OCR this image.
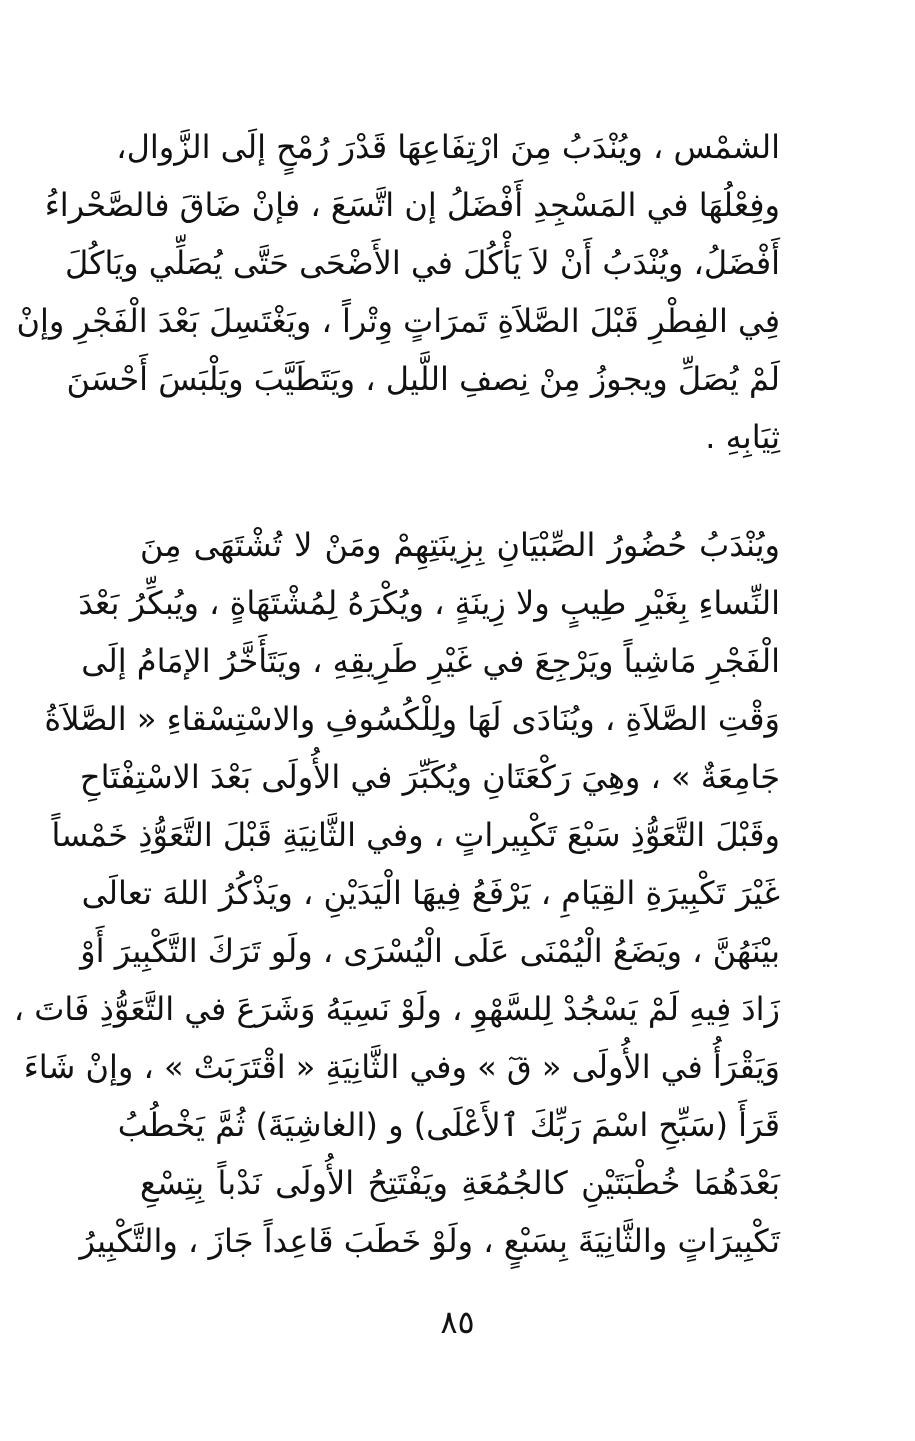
الشمْس ، ويُنْدَبُ مِنَ ارْتِفَاعِهَا قَدْرَ رُمْحٍ إلَى الزَّوال،
وفِعْلُهَا في المَسْجِدِ أَفْضَلُ إن اتَّسَعَ ، فإنْ ضَاقَ فالصَّحْراءُ
أَفْضَلُ، ويُنْدَبُ أَنْ لاَ يَأْكُلَ في الأَضْحَى حَتَّى يُصَلِّي ويَاكُلَ
فِي الفِطْرِ قَبْلَ الصَّلاَةِ تَمرَاتٍ وِتْراً ، ويَغْتَسِلَ بَعْدَ الْفَجْرِ وإنْ
لَمْ يُصَلِّ ويجوزُ مِنْ نِصفِ اللَّيل ، ويَتَطَيَّبَ ويَلْبَسَ أَحْسَنَ
ثِيَابِهِ .
ويُنْدَبُ حُضُورُ الصِّبْيَانِ بِزِينَتِهِمْ ومَنْ لا تُشْتَهَى مِنَ
النِّساءِ بِغَيْرِ طِيبٍ ولا زِينَةٍ ، ويُكْرَهُ لِمُشْتَهَاةٍ ، ويُبكِّرُ بَعْدَ
الْفَجْرِ مَاشِياً ويَرْجِعَ في غَيْرِ طَرِيقِهِ ، ويَتَأَخَّرُ الإمَامُ إلَى
وَقْتِ الصَّلاَةِ ، ويُنَادَى لَهَا ولِلْكُسُوفِ والاسْتِسْقاءِ « الصَّلاَةُ
جَامِعَةٌ » ، وهِيَ رَكْعَتَانِ ويُكَبِّرَ في الأُولَى بَعْدَ الاسْتِفْتَاحِ
وقَبْلَ التَّعَوُّذِ سَبْعَ تَكْبِيراتٍ ، وفي الثَّانِيَةِ قَبْلَ التَّعَوُّذِ خَمْساً
غَيْرَ تَكْبِيرَةِ القِيَامِ ، يَرْفَعُ فِيهَا الْيَدَيْنِ ، ويَذْكُرُ اللهَ تعالَى
بيْنَهُنَّ ، ويَضَعُ الْيُمْنَى عَلَى الْيُسْرَى ، ولَو تَرَكَ التَّكْبِيرَ أَوْ
زَادَ فِيهِ لَمْ يَسْجُدْ لِلسَّهْوِ ، ولَوْ نَسِيَهُ وَشَرَعَ في التَّعَوُّذِ فَاتَ ،
وَيَقْرَأُ في الأُولَى « قٓ » وفي الثَّانِيَةِ « اقْتَرَبَتْ » ، وإنْ شَاءَ
قَرَأَ (سَبِّحِ اسْمَ رَبِّكَ ٱلأَعْلَى) و (الغاشِيَةَ) ثُمَّ يَخْطُبُ
بَعْدَهُمَا خُطْبَتَيْنِ كالجُمُعَةِ ويَفْتَتِحُ الأُولَى نَدْباً بِتِسْعِ
تَكْبِيرَاتٍ والثَّانِيَةَ بِسَبْعٍ ، ولَوْ خَطَبَ قَاعِداً جَازَ ، والتَّكْبِيرُ
٨٥
